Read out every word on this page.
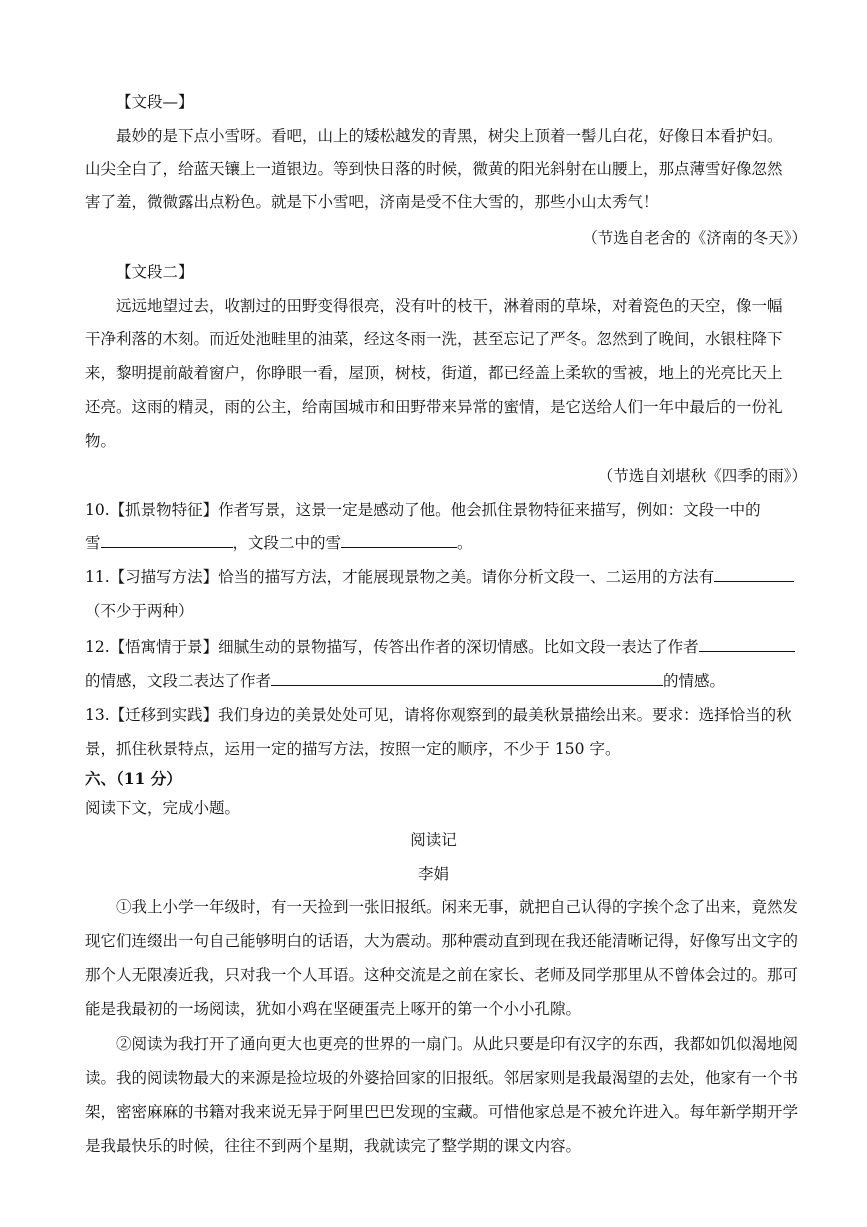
【文段—】
最妙的是下点小雪呀。看吧，山上的矮松越发的青黑，树尖上顶着一髻儿白花，好像日本看护妇。
山尖全白了，给蓝天镶上一道银边。等到快日落的时候，微黄的阳光斜射在山腰上，那点薄雪好像忽然
害了羞，微微露出点粉色。就是下小雪吧，济南是受不住大雪的，那些小山太秀气！
（节选自老舍的《济南的冬天》）
【文段二】
远远地望过去，收割过的田野变得很亮，没有叶的枝干，淋着雨的草垛，对着瓷色的天空，像一幅
干净利落的木刻。而近处池畦里的油菜，经这冬雨一洗，甚至忘记了严冬。忽然到了晚间，水银柱降下
来，黎明提前敲着窗户，你睁眼一看，屋顶，树枝，街道，都已经盖上柔软的雪被，地上的光亮比天上
还亮。这雨的精灵，雨的公主，给南国城市和田野带来异常的蜜情，是它送给人们一年中最后的一份礼
物。
（节选自刘堪秋《四季的雨》）
10.【抓景物特征】作者写景，这景一定是感动了他。他会抓住景物特征来描写，例如：文段一中的
雪	，文段二中的雪	。
11.【习描写方法】恰当的描写方法，才能展现景物之美。请你分析文段一、二运用的方法有
（不少于两种）
12.【悟寓情于景】细腻生动的景物描写，传答出作者的深切情感。比如文段一表达了作者
的情感，文段二表达了作者	的情感。
13.【迁移到实践】我们身边的美景处处可见，请将你观察到的最美秋景描绘出来。要求：选择恰当的秋
景，抓住秋景特点，运用一定的描写方法，按照一定的顺序，不少于 150 字。
六、（11 分）
阅读下文，完成小题。
阅读记
李娟
①我上小学一年级时，有一天捡到一张旧报纸。闲来无事，就把自己认得的字挨个念了出来，竟然发
现它们连缀出一句自己能够明白的话语，大为震动。那种震动直到现在我还能清晰记得，好像写出文字的
那个人无限凑近我，只对我一个人耳语。这种交流是之前在家长、老师及同学那里从不曾体会过的。那可
能是我最初的一场阅读，犹如小鸡在坚硬蛋壳上啄开的第一个小小孔隙。
②阅读为我打开了通向更大也更亮的世界的一扇门。从此只要是印有汉字的东西，我都如饥似渴地阅
读。我的阅读物最大的来源是捡垃圾的外婆拾回家的旧报纸。邻居家则是我最渴望的去处，他家有一个书
架，密密麻麻的书籍对我来说无异于阿里巴巴发现的宝藏。可惜他家总是不被允许进入。每年新学期开学
是我最快乐的时候，往往不到两个星期，我就读完了整学期的课文内容。
